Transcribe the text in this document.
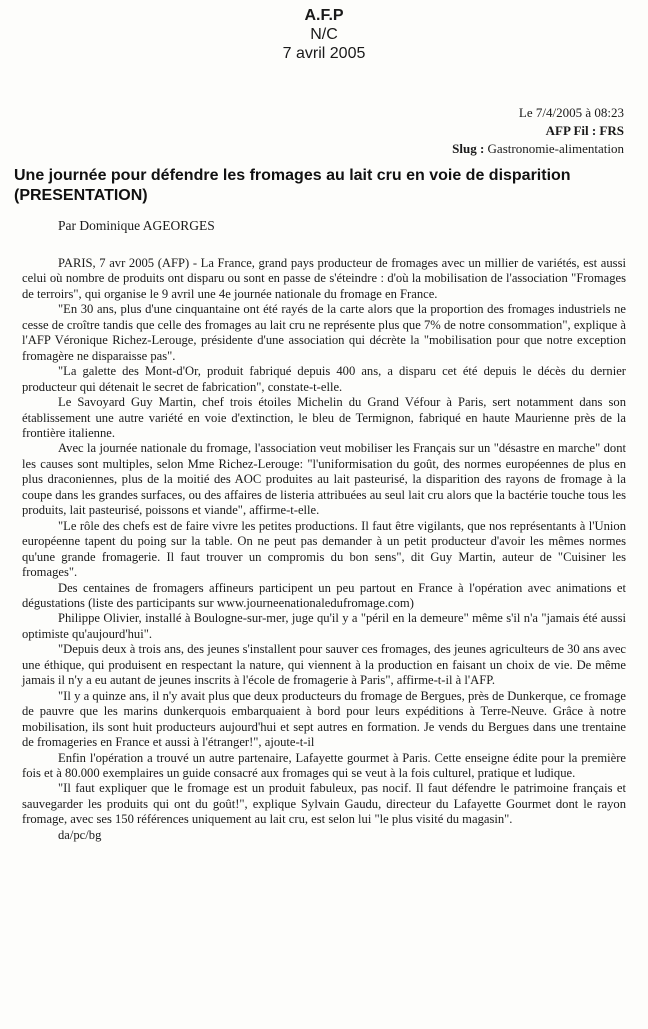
A.F.P
N/C
7 avril 2005
Le 7/4/2005 à 08:23
AFP Fil : FRS
Slug : Gastronomie-alimentation
Une journée pour défendre les fromages au lait cru en voie de disparition (PRESENTATION)
Par Dominique AGEORGES

PARIS, 7 avr 2005 (AFP) - La France, grand pays producteur de fromages avec un millier de variétés, est aussi celui où nombre de produits ont disparu ou sont en passe de s'éteindre : d'où la mobilisation de l'association "Fromages de terroirs", qui organise le 9 avril une 4e journée nationale du fromage en France.

"En 30 ans, plus d'une cinquantaine ont été rayés de la carte alors que la proportion des fromages industriels ne cesse de croître tandis que celle des fromages au lait cru ne représente plus que 7% de notre consommation", explique à l'AFP Véronique Richez-Lerouge, présidente d'une association qui décrète la "mobilisation pour que notre exception fromagère ne disparaisse pas".

"La galette des Mont-d'Or, produit fabriqué depuis 400 ans, a disparu cet été depuis le décès du dernier producteur qui détenait le secret de fabrication", constate-t-elle.

Le Savoyard Guy Martin, chef trois étoiles Michelin du Grand Véfour à Paris, sert notamment dans son établissement une autre variété en voie d'extinction, le bleu de Termignon, fabriqué en haute Maurienne près de la frontière italienne.

Avec la journée nationale du fromage, l'association veut mobiliser les Français sur un "désastre en marche" dont les causes sont multiples, selon Mme Richez-Lerouge: "l'uniformisation du goût, des normes européennes de plus en plus draconiennes, plus de la moitié des AOC produites au lait pasteurisé, la disparition des rayons de fromage à la coupe dans les grandes surfaces, ou des affaires de listeria attribuées au seul lait cru alors que la bactérie touche tous les produits, lait pasteurisé, poissons et viande", affirme-t-elle.

"Le rôle des chefs est de faire vivre les petites productions. Il faut être vigilants, que nos représentants à l'Union européenne tapent du poing sur la table. On ne peut pas demander à un petit producteur d'avoir les mêmes normes qu'une grande fromagerie. Il faut trouver un compromis du bon sens", dit Guy Martin, auteur de "Cuisiner les fromages".

Des centaines de fromagers affineurs participent un peu partout en France à l'opération avec animations et dégustations (liste des participants sur www.journeenationaledufromage.com)

Philippe Olivier, installé à Boulogne-sur-mer, juge qu'il y a "péril en la demeure" même s'il n'a "jamais été aussi optimiste qu'aujourd'hui".

"Depuis deux à trois ans, des jeunes s'installent pour sauver ces fromages, des jeunes agriculteurs de 30 ans avec une éthique, qui produisent en respectant la nature, qui viennent à la production en faisant un choix de vie. De même jamais il n'y a eu autant de jeunes inscrits à l'école de fromagerie à Paris", affirme-t-il à l'AFP.

"Il y a quinze ans, il n'y avait plus que deux producteurs du fromage de Bergues, près de Dunkerque, ce fromage de pauvre que les marins dunkerquois embarquaient à bord pour leurs expéditions à Terre-Neuve. Grâce à notre mobilisation, ils sont huit producteurs aujourd'hui et sept autres en formation. Je vends du Bergues dans une trentaine de fromageries en France et aussi à l'étranger!", ajoute-t-il

Enfin l'opération a trouvé un autre partenaire, Lafayette gourmet à Paris. Cette enseigne édite pour la première fois et à 80.000 exemplaires un guide consacré aux fromages qui se veut à la fois culturel, pratique et ludique.

"Il faut expliquer que le fromage est un produit fabuleux, pas nocif. Il faut défendre le patrimoine français et sauvegarder les produits qui ont du goût!", explique Sylvain Gaudu, directeur du Lafayette Gourmet dont le rayon fromage, avec ses 150 références uniquement au lait cru, est selon lui "le plus visité du magasin".

da/pc/bg
